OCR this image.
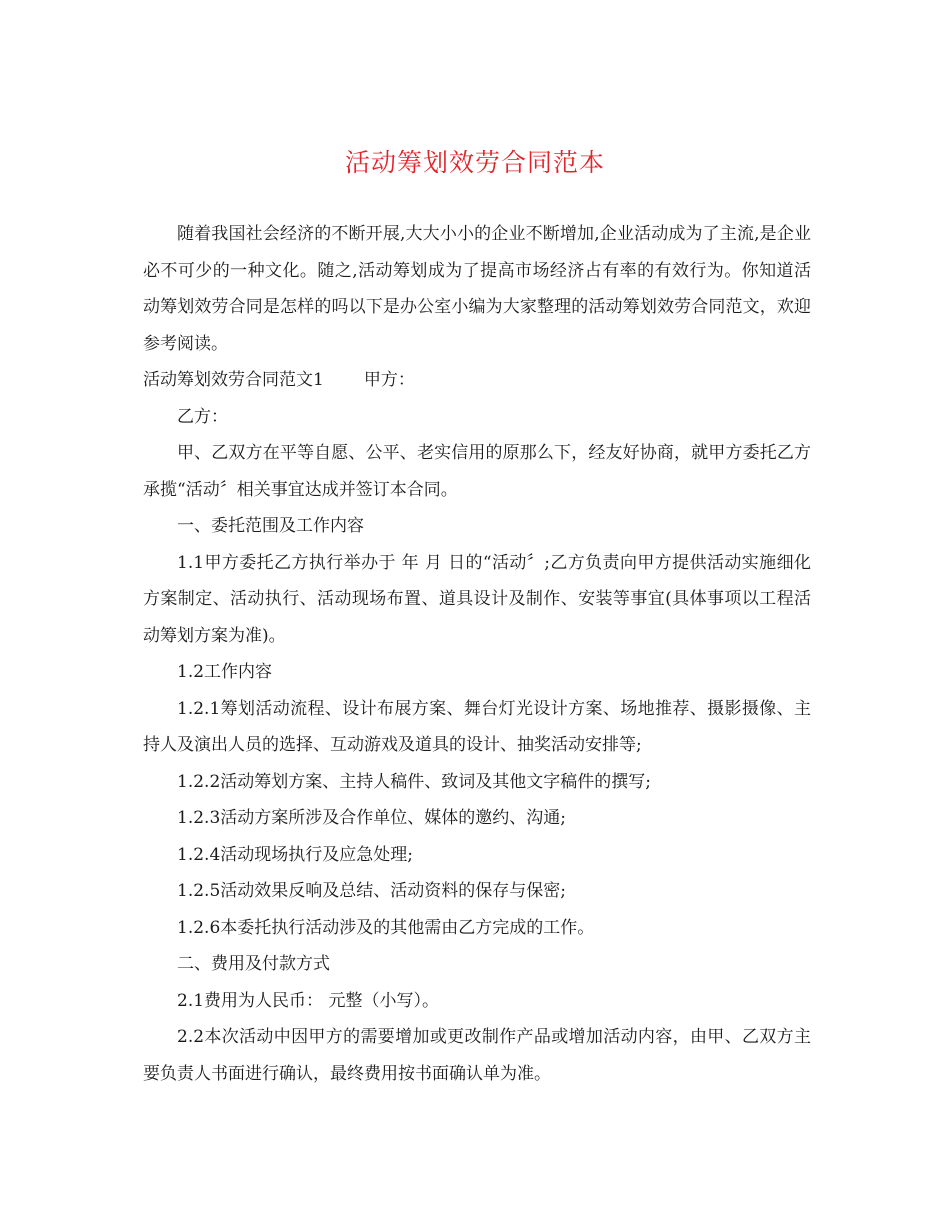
活动筹划效劳合同范本

随着我国社会经济的不断开展,大大小小的企业不断增加,企业活动成为了主流,是企业必不可少的一种文化。随之,活动筹划成为了提高市场经济占有率的有效行为。你知道活动筹划效劳合同是怎样的吗以下是办公室小编为大家整理的活动筹划效劳合同范文，欢迎参考阅读。

活动筹划效劳合同范文1 甲方：

乙方：

甲、乙双方在平等自愿、公平、老实信用的原那么下，经友好协商，就甲方委托乙方承揽“活动〞相关事宜达成并签订本合同。

一、委托范围及工作内容

1.1甲方委托乙方执行举办于 年 月 日的“活动〞;乙方负责向甲方提供活动实施细化方案制定、活动执行、活动现场布置、道具设计及制作、安装等事宜(具体事项以工程活动筹划方案为准)。

1.2工作内容

1.2.1筹划活动流程、设计布展方案、舞台灯光设计方案、场地推荐、摄影摄像、主持人及演出人员的选择、互动游戏及道具的设计、抽奖活动安排等;

1.2.2活动筹划方案、主持人稿件、致词及其他文字稿件的撰写;

1.2.3活动方案所涉及合作单位、媒体的邀约、沟通;

1.2.4活动现场执行及应急处理;

1.2.5活动效果反响及总结、活动资料的保存与保密;

1.2.6本委托执行活动涉及的其他需由乙方完成的工作。

二、费用及付款方式

2.1费用为人民币： 元整（小写）。

2.2本次活动中因甲方的需要增加或更改制作产品或增加活动内容，由甲、乙双方主要负责人书面进行确认，最终费用按书面确认单为准。
